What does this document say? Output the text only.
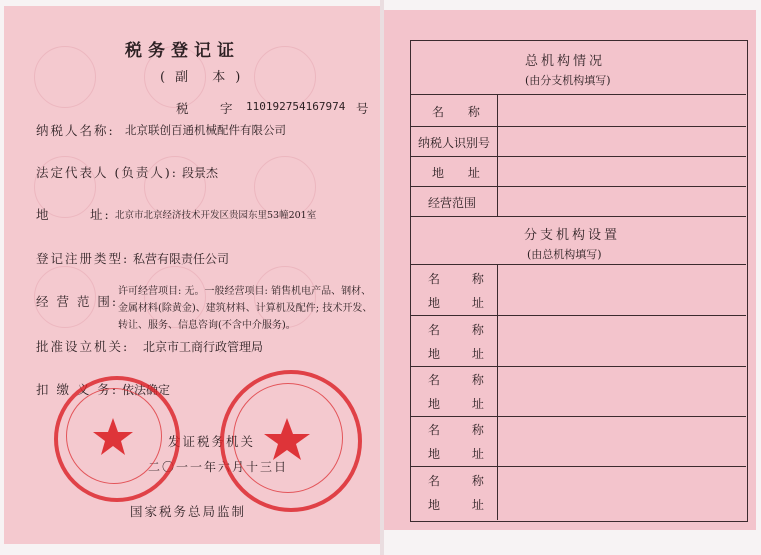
税务登记证
(副 本)
税 字 110192754167974 号
纳税人名称: 北京联创百通机械配件有限公司
法定代表人 (负责人): 段景杰
地	址: 北京市北京经济技术开发区贵园东里53幢201室
登记注册类型: 私营有限责任公司
经 营 范 围:
许可经营项目: 无。一般经营项目: 销售机电产品、钢材、金属材料(除黄金)、建筑材料、计算机及配件; 技术开发、转让、服务、信息咨询(不含中介服务)。
批准设立机关: 北京市工商行政管理局
扣 缴 义 务: 依法确定
发证税务机关
二〇一一年六月十三日
国家税务总局监制
总机构情况
(由分支机构填写)
名 称
纳税人识别号
地 址
经营范围
分支机构设置
(由总机构填写)
名 称
地 址
名 称
地 址
名 称
地 址
名 称
地 址
名 称
地 址
